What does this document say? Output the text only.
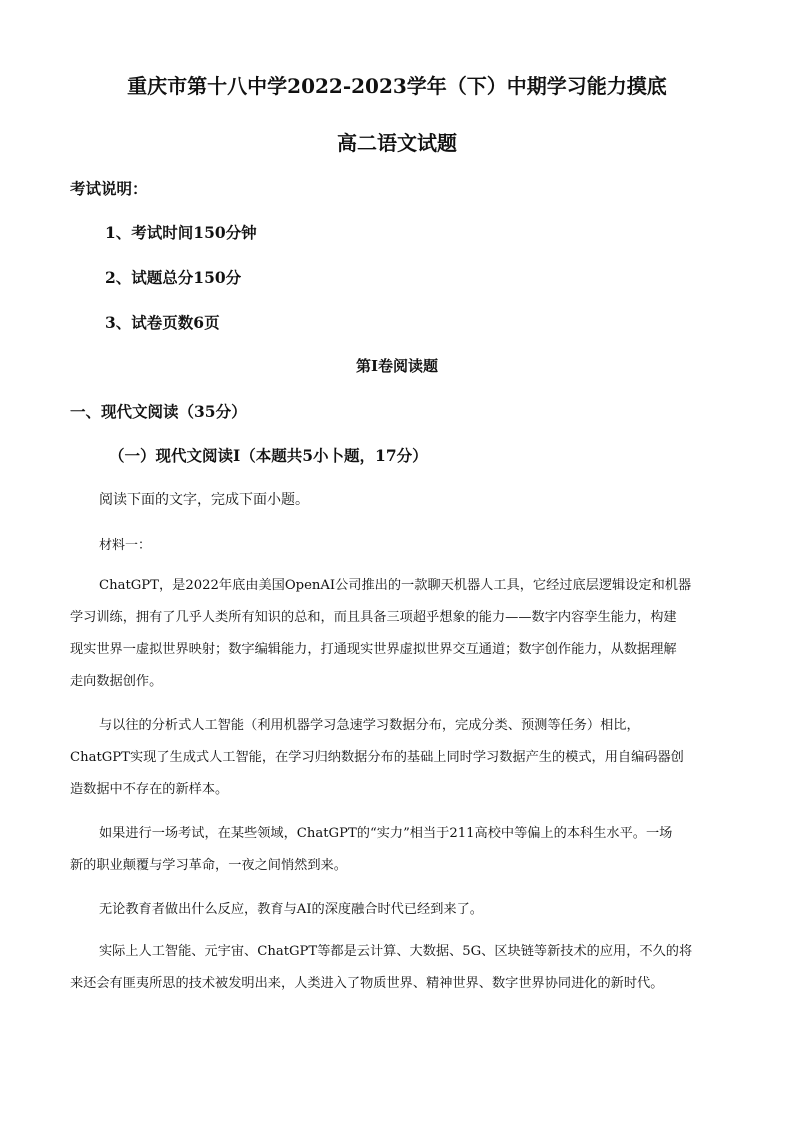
重庆市第十八中学2022-2023学年（下）中期学习能力摸底

高二语文试题

考试说明：

1、考试时间150分钟

2、试题总分150分

3、试卷页数6页

第Ⅰ卷阅读题

一、现代文阅读（35分）

（一）现代文阅读Ⅰ（本题共5小卜题，17分）

阅读下面的文字，完成下面小题。

材料一：

ChatGPT，是2022年底由美国OpenAI公司推出的一款聊天机器人工具，它经过底层逻辑设定和机器
学习训练，拥有了几乎人类所有知识的总和，而且具备三项超乎想象的能力——数字内容孪生能力，构建
现实世界一虚拟世界映射；数字编辑能力，打通现实世界虚拟世界交互通道；数字创作能力，从数据理解
走向数据创作。
与以往的分析式人工智能（利用机器学习急速学习数据分布，完成分类、预测等任务）相比，
ChatGPT实现了生成式人工智能，在学习归纳数据分布的基础上同时学习数据产生的模式，用自编码器创
造数据中不存在的新样本。
如果进行一场考试，在某些领域，ChatGPT的“实力”相当于211高校中等偏上的本科生水平。一场
新的职业颠覆与学习革命，一夜之间悄然到来。
无论教育者做出什么反应，教育与AI的深度融合时代已经到来了。
实际上人工智能、元宇宙、ChatGPT等都是云计算、大数据、5G、区块链等新技术的应用，不久的将
来还会有匪夷所思的技术被发明出来，人类进入了物质世界、精神世界、数字世界协同进化的新时代。
